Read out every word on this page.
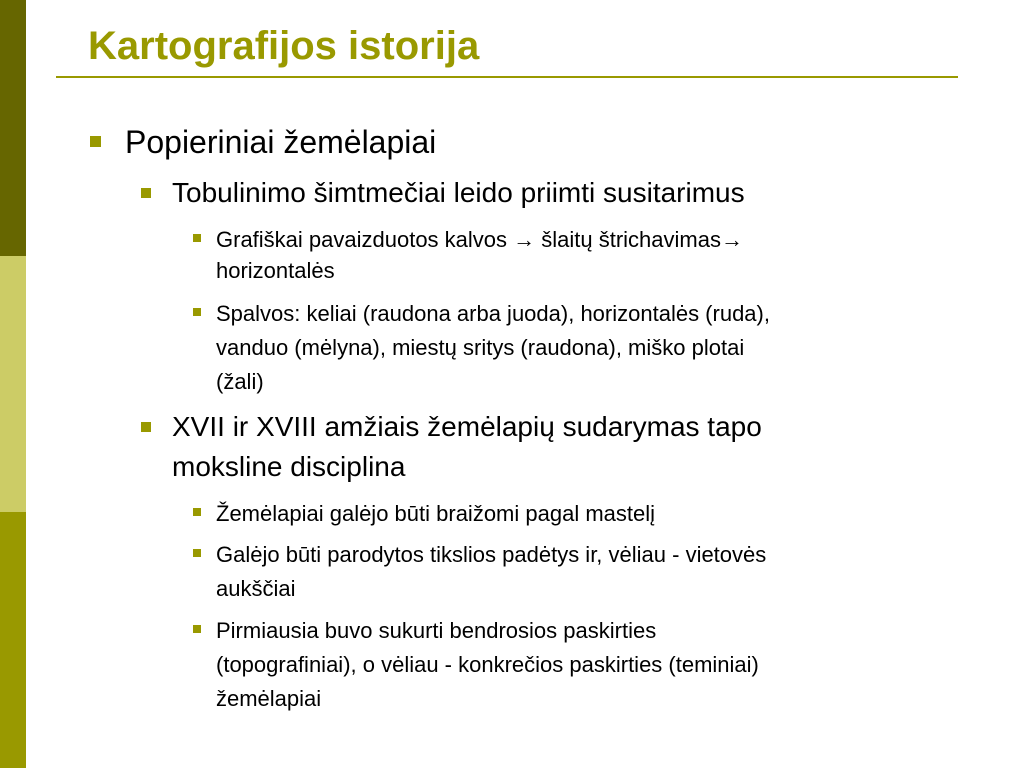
Kartografijos istorija
Popieriniai žemėlapiai
Tobulinimo šimtmečiai leido priimti susitarimus
Grafiškai pavaizduotos kalvos → šlaitų štrichavimas→
horizontalės
Spalvos: keliai (raudona arba juoda), horizontalės (ruda),
vanduo (mėlyna), miestų sritys (raudona), miško plotai
(žali)
XVII ir XVIII amžiais žemėlapių sudarymas tapo
moksline disciplina
Žemėlapiai galėjo būti braižomi pagal mastelį
Galėjo būti parodytos tikslios padėtys ir, vėliau - vietovės
aukščiai
Pirmiausia buvo sukurti bendrosios paskirties
(topografiniai), o vėliau - konkrečios paskirties (teminiai)
žemėlapiai
